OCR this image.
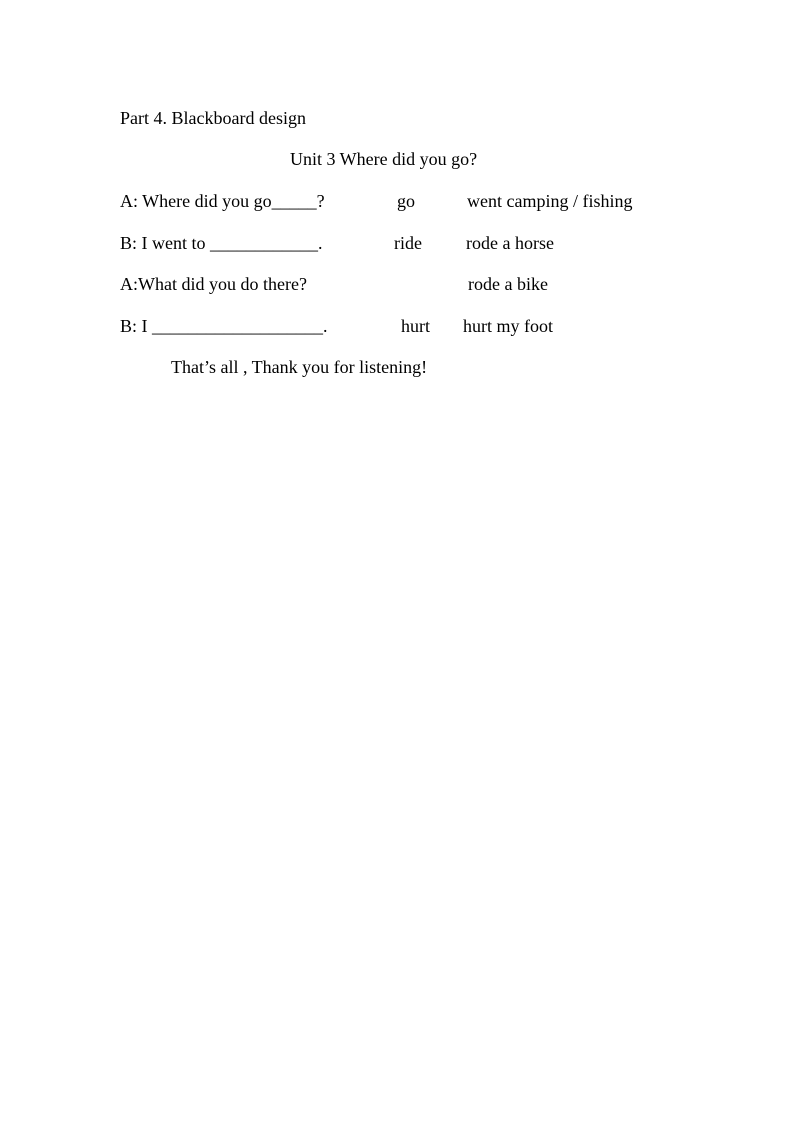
Part 4. Blackboard design
Unit 3 Where did you go?
A: Where did you go_____?	go	went camping / fishing
B: I went to ____________.	ride rode a horse
A:What did you do there?	rode a bike
B: I ___________________.	hurt hurt my foot
That’s all , Thank you for listening!
